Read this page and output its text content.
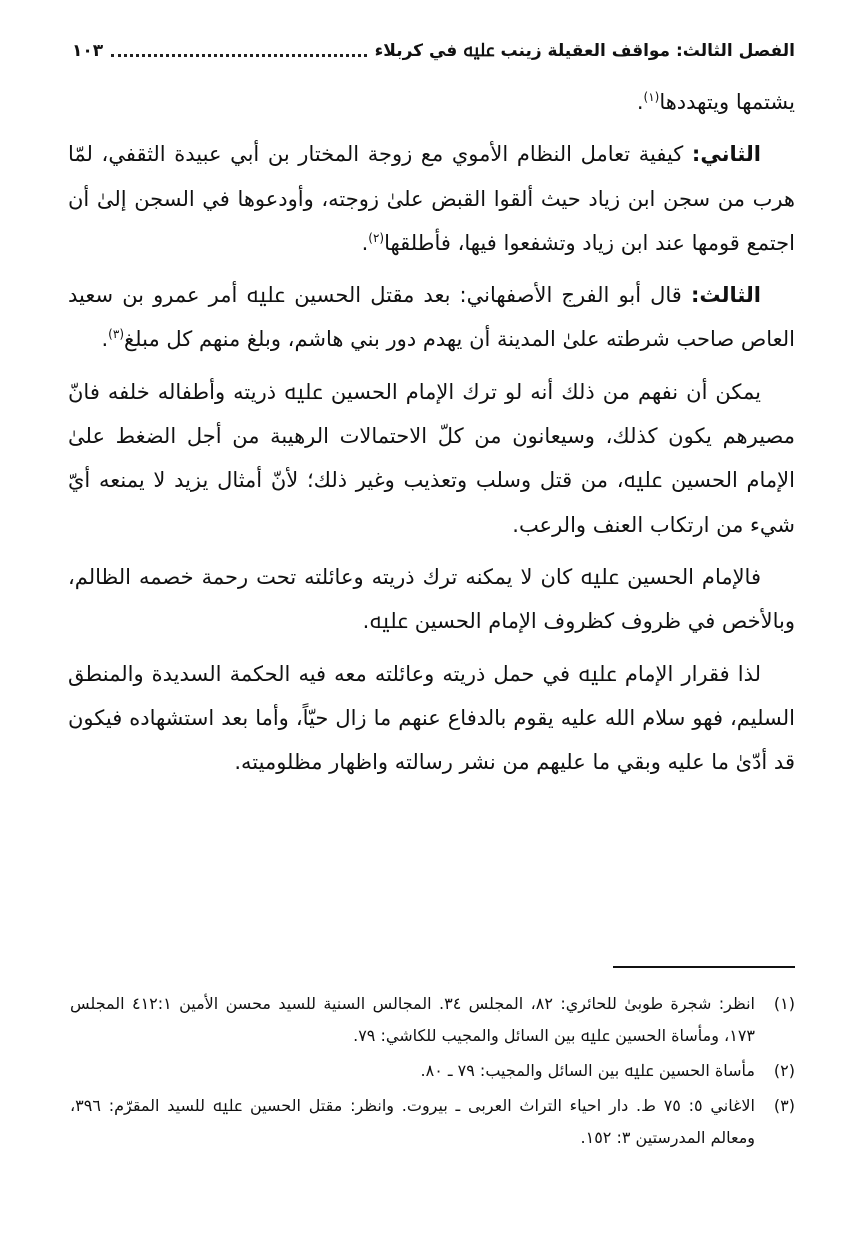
الفصل الثالث: مواقف العقيلة زينب ﷷ في كربلاء
١٠٣

يشتمها ويتهددها$^{(١)}$.

الثاني: كيفية تعامل النظام الأموي مع زوجة المختار بن أبي عبيدة الثقفي، لمّا هرب من سجن ابن زياد حيث ألقوا القبض علىٰ زوجته، وأودعوها في السجن إلىٰ أن اجتمع قومها عند ابن زياد وتشفعوا فيها، فأطلقها$^{(٢)}$.

الثالث: قال أبو الفرج الأصفهاني: بعد مقتل الحسين ﷷ أمر عمرو بن سعيد العاص صاحب شرطته علىٰ المدينة أن يهدم دور بني هاشم، وبلغ منهم كل مبلغ$^{(٣)}$.

يمكن أن نفهم من ذلك أنه لو ترك الإمام الحسين ﷷ ذريته وأطفاله خلفه فانّ مصيرهم يكون كذلك، وسيعانون من كلّ الاحتمالات الرهيبة من أجل الضغط علىٰ الإمام الحسين ﷷ، من قتل وسلب وتعذيب وغير ذلك؛ لأنّ أمثال يزيد لا يمنعه أيّ شيء من ارتكاب العنف والرعب.

فالإمام الحسين ﷷ كان لا يمكنه ترك ذريته وعائلته تحت رحمة خصمه الظالم، وبالأخص في ظروف كظروف الإمام الحسين ﷷ.

لذا فقرار الإمام ﷷ في حمل ذريته وعائلته معه فيه الحكمة السديدة والمنطق السليم، فهو سلام الله عليه يقوم بالدفاع عنهم ما زال حيّاً، وأما بعد استشهاده فيكون قد أدّىٰ ما عليه وبقي ما عليهم من نشر رسالته واظهار مظلوميته.

(١)
انظر: شجرة طوبىٰ للحائري: ٨٢، المجلس ٣٤. المجالس السنية للسيد محسن الأمين ٤١٢:١ المجلس ١٧٣، ومأساة الحسين ﷷ بين السائل والمجيب للكاشي: ٧٩.
(٢)
مأساة الحسين ﷷ بين السائل والمجيب: ٧٩ ـ ٨٠.
(٣)
الاغاني ٥: ٧٥ ط. دار احياء التراث العربى ـ بيروت. وانظر: مقتل الحسين ﷷ للسيد المقرّم: ٣٩٦، ومعالم المدرستين ٣: ١٥٢.
